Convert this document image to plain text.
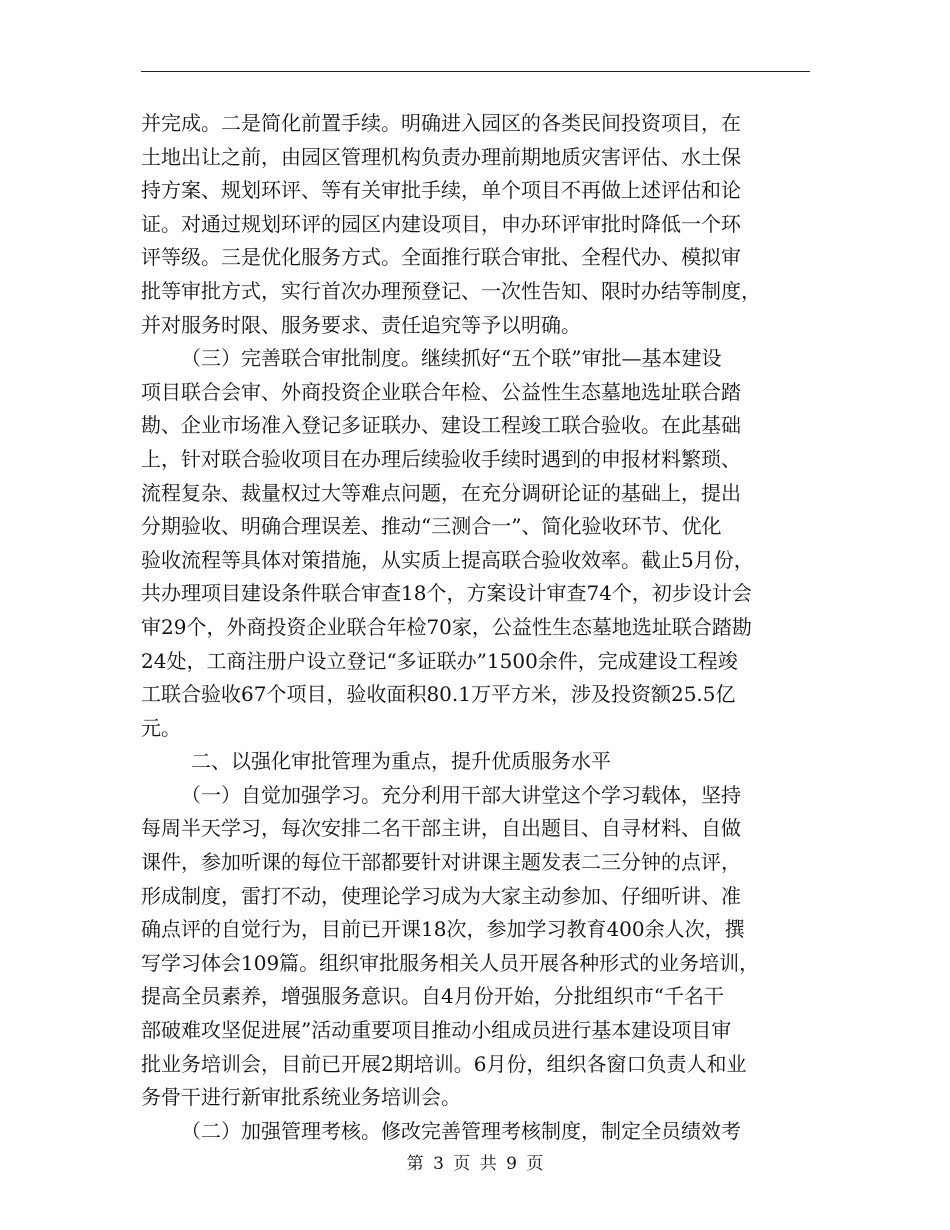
并完成。二是简化前置手续。明确进入园区的各类民间投资项目，在
土地出让之前，由园区管理机构负责办理前期地质灾害评估、水土保
持方案、规划环评、等有关审批手续，单个项目不再做上述评估和论
证。对通过规划环评的园区内建设项目，申办环评审批时降低一个环
评等级。三是优化服务方式。全面推行联合审批、全程代办、模拟审
批等审批方式，实行首次办理预登记、一次性告知、限时办结等制度，
并对服务时限、服务要求、责任追究等予以明确。
（三）完善联合审批制度。继续抓好“五个联”审批—基本建设
项目联合会审、外商投资企业联合年检、公益性生态墓地选址联合踏
勘、企业市场准入登记多证联办、建设工程竣工联合验收。在此基础
上，针对联合验收项目在办理后续验收手续时遇到的申报材料繁琐、
流程复杂、裁量权过大等难点问题，在充分调研论证的基础上，提出
分期验收、明确合理误差、推动“三测合一”、简化验收环节、优化
验收流程等具体对策措施，从实质上提高联合验收效率。截止5月份，
共办理项目建设条件联合审查18个，方案设计审查74个，初步设计会
审29个，外商投资企业联合年检70家，公益性生态墓地选址联合踏勘
24处，工商注册户设立登记“多证联办”1500余件，完成建设工程竣
工联合验收67个项目，验收面积80.1万平方米，涉及投资额25.5亿
元。
二、以强化审批管理为重点，提升优质服务水平
（一）自觉加强学习。充分利用干部大讲堂这个学习载体，坚持
每周半天学习，每次安排二名干部主讲，自出题目、自寻材料、自做
课件，参加听课的每位干部都要针对讲课主题发表二三分钟的点评，
形成制度，雷打不动，使理论学习成为大家主动参加、仔细听讲、准
确点评的自觉行为，目前已开课18次，参加学习教育400余人次，撰
写学习体会109篇。组织审批服务相关人员开展各种形式的业务培训，
提高全员素养，增强服务意识。自4月份开始，分批组织市“千名干
部破难攻坚促进展”活动重要项目推动小组成员进行基本建设项目审
批业务培训会，目前已开展2期培训。6月份，组织各窗口负责人和业
务骨干进行新审批系统业务培训会。
（二）加强管理考核。修改完善管理考核制度，制定全员绩效考
第 3 页 共 9 页
